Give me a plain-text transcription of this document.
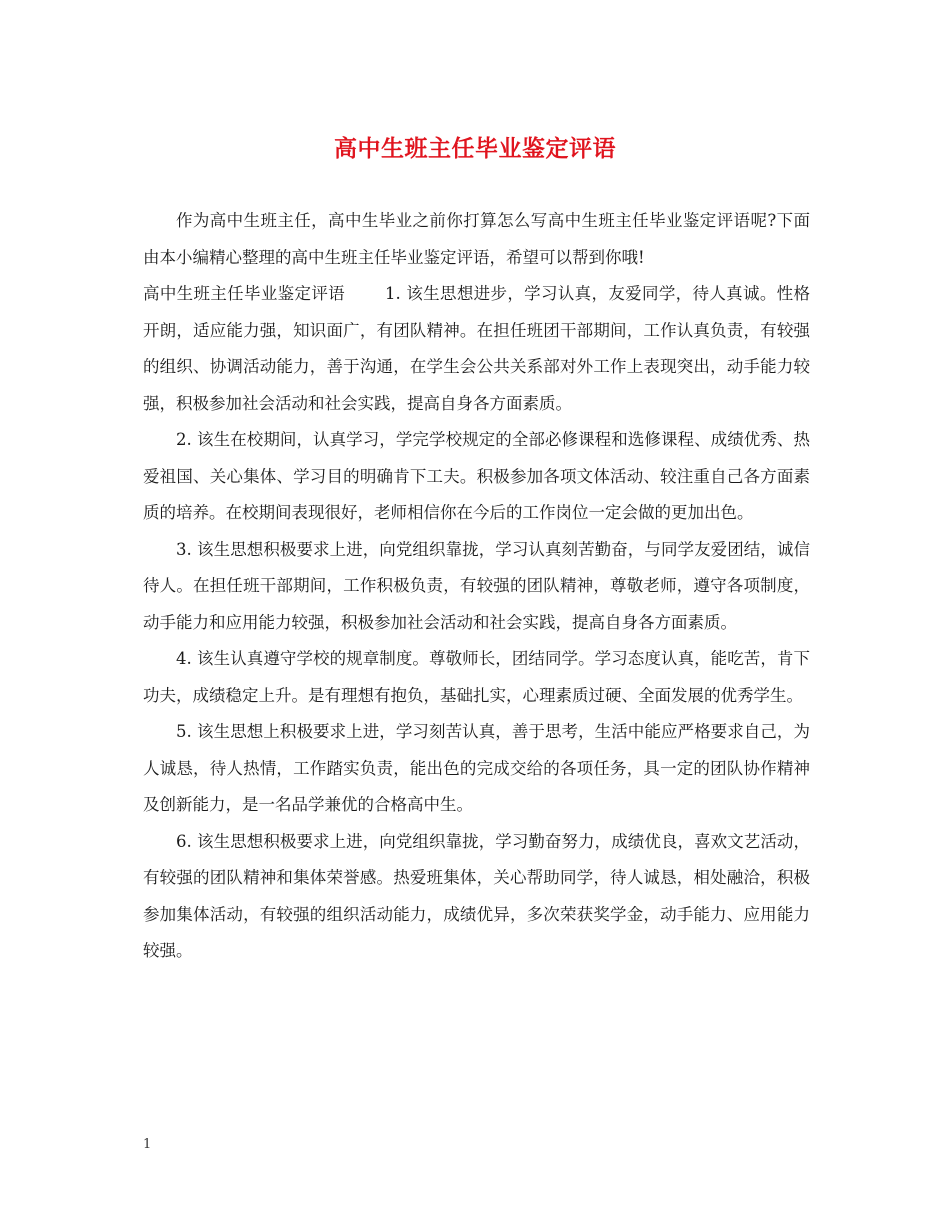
高中生班主任毕业鉴定评语

作为高中生班主任，高中生毕业之前你打算怎么写高中生班主任毕业鉴定评语呢?下面由本小编精心整理的高中生班主任毕业鉴定评语，希望可以帮到你哦!

高中生班主任毕业鉴定评语 1. 该生思想进步，学习认真，友爱同学，待人真诚。性格开朗，适应能力强，知识面广，有团队精神。在担任班团干部期间，工作认真负责，有较强的组织、协调活动能力，善于沟通，在学生会公共关系部对外工作上表现突出，动手能力较强，积极参加社会活动和社会实践，提高自身各方面素质。

2. 该生在校期间，认真学习，学完学校规定的全部必修课程和选修课程、成绩优秀、热爱祖国、关心集体、学习目的明确肯下工夫。积极参加各项文体活动、较注重自己各方面素质的培养。在校期间表现很好，老师相信你在今后的工作岗位一定会做的更加出色。

3. 该生思想积极要求上进，向党组织靠拢，学习认真刻苦勤奋，与同学友爱团结，诚信待人。在担任班干部期间，工作积极负责，有较强的团队精神，尊敬老师，遵守各项制度，动手能力和应用能力较强，积极参加社会活动和社会实践，提高自身各方面素质。

4. 该生认真遵守学校的规章制度。尊敬师长，团结同学。学习态度认真，能吃苦，肯下功夫，成绩稳定上升。是有理想有抱负，基础扎实，心理素质过硬、全面发展的优秀学生。

5. 该生思想上积极要求上进，学习刻苦认真，善于思考，生活中能应严格要求自己，为人诚恳，待人热情，工作踏实负责，能出色的完成交给的各项任务，具一定的团队协作精神及创新能力，是一名品学兼优的合格高中生。

6. 该生思想积极要求上进，向党组织靠拢，学习勤奋努力，成绩优良，喜欢文艺活动，有较强的团队精神和集体荣誉感。热爱班集体，关心帮助同学，待人诚恳，相处融洽，积极参加集体活动，有较强的组织活动能力，成绩优异，多次荣获奖学金，动手能力、应用能力较强。

1
